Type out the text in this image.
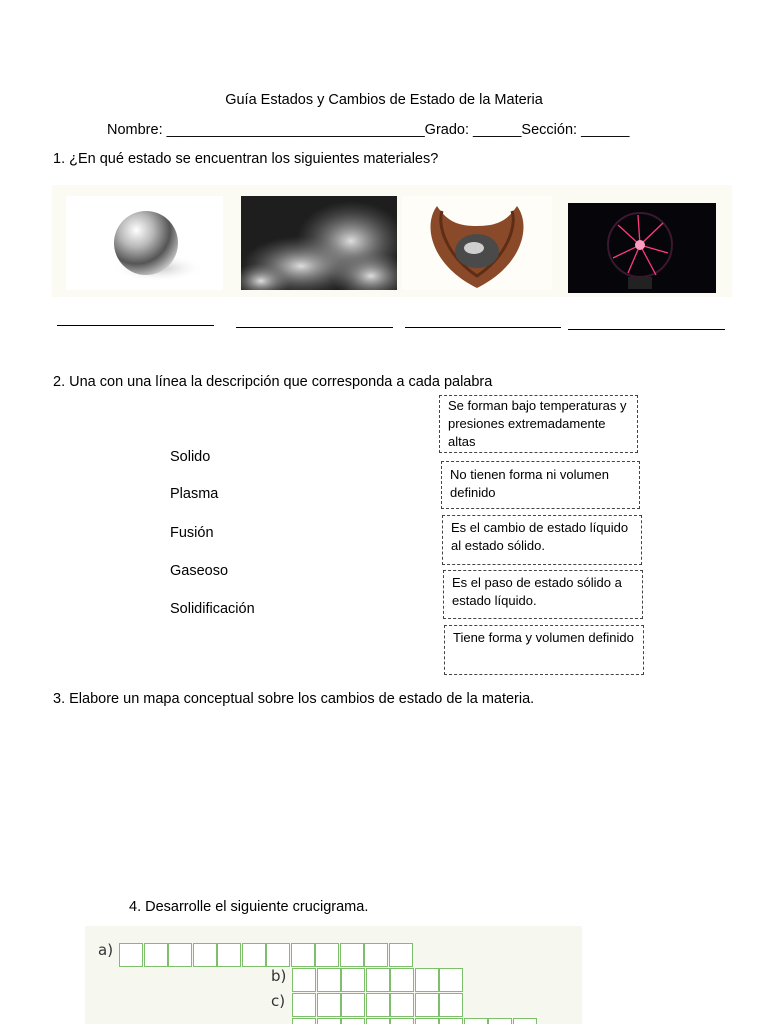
Guía Estados y Cambios de Estado de la Materia
Nombre: ________________________________Grado: ______Sección: ______
1. ¿En qué estado se encuentran los siguientes materiales?
2. Una con una línea la descripción que corresponda a cada palabra
Solido
Plasma
Fusión
Gaseoso
Solidificación
Se forman bajo temperaturas y presiones extremadamente altas
No tienen forma ni volumen definido
Es el cambio de estado líquido al estado sólido.
Es el paso de estado sólido a estado líquido.
Tiene forma y volumen definido
3. Elabore un mapa conceptual sobre los cambios de estado de la materia.
4. Desarrolle el siguiente crucigrama.
a)
b)
c)
